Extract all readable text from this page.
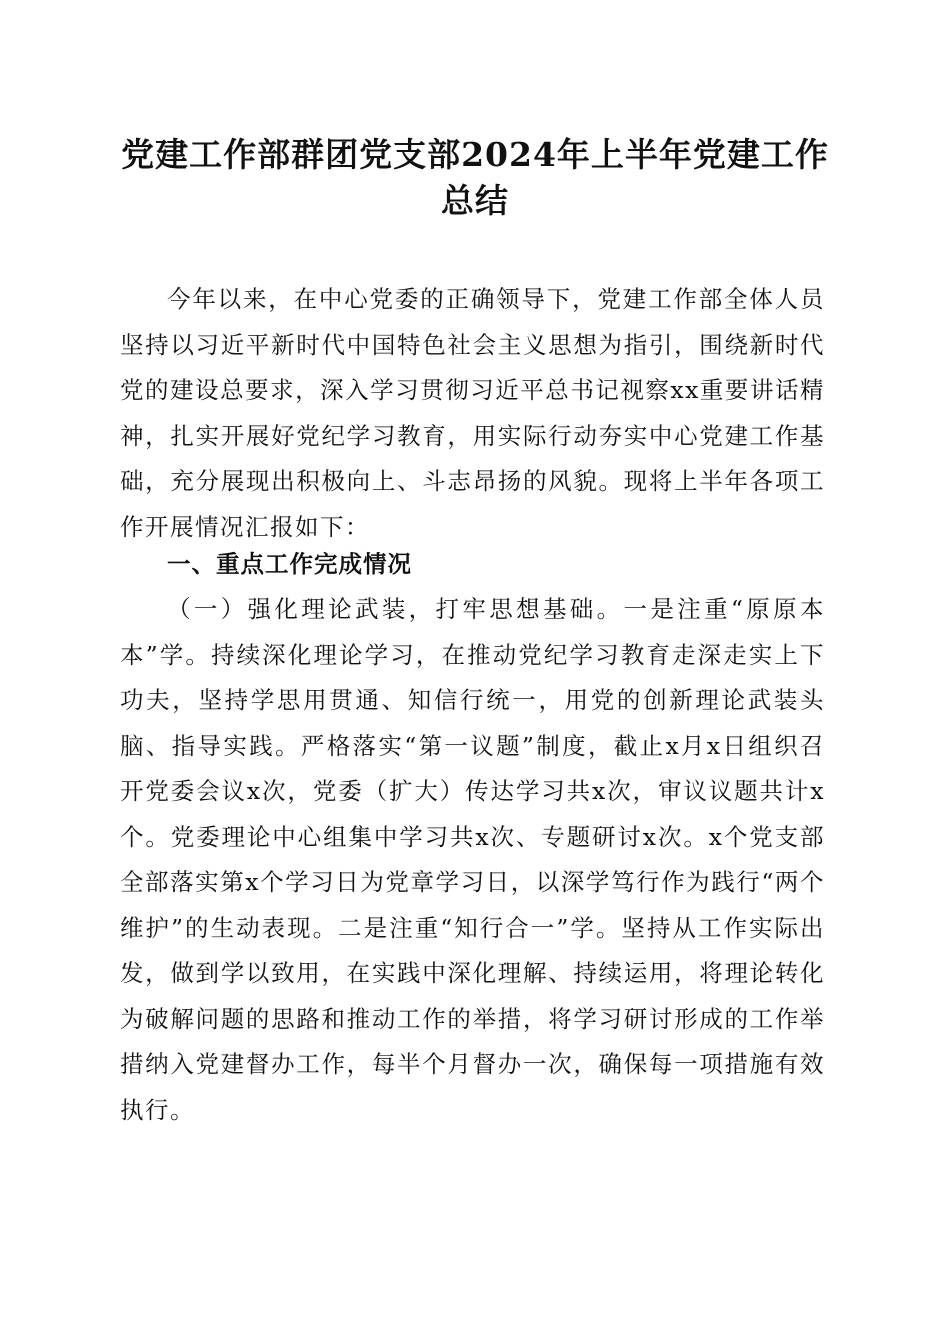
党建工作部群团党支部2024年上半年党建工作总结

今年以来，在中心党委的正确领导下，党建工作部全体人员坚持以习近平新时代中国特色社会主义思想为指引，围绕新时代党的建设总要求，深入学习贯彻习近平总书记视察xx重要讲话精神，扎实开展好党纪学习教育，用实际行动夯实中心党建工作基础，充分展现出积极向上、斗志昂扬的风貌。现将上半年各项工作开展情况汇报如下：

一、重点工作完成情况

（一）强化理论武装，打牢思想基础。一是注重“原原本本”学。持续深化理论学习，在推动党纪学习教育走深走实上下功夫，坚持学思用贯通、知信行统一，用党的创新理论武装头脑、指导实践。严格落实“第一议题”制度，截止x月x日组织召开党委会议x次，党委（扩大）传达学习共x次，审议议题共计x个。党委理论中心组集中学习共x次、专题研讨x次。x个党支部全部落实第x个学习日为党章学习日，以深学笃行作为践行“两个维护”的生动表现。二是注重“知行合一”学。坚持从工作实际出发，做到学以致用，在实践中深化理解、持续运用，将理论转化为破解问题的思路和推动工作的举措，将学习研讨形成的工作举措纳入党建督办工作，每半个月督办一次，确保每一项措施有效执行。
